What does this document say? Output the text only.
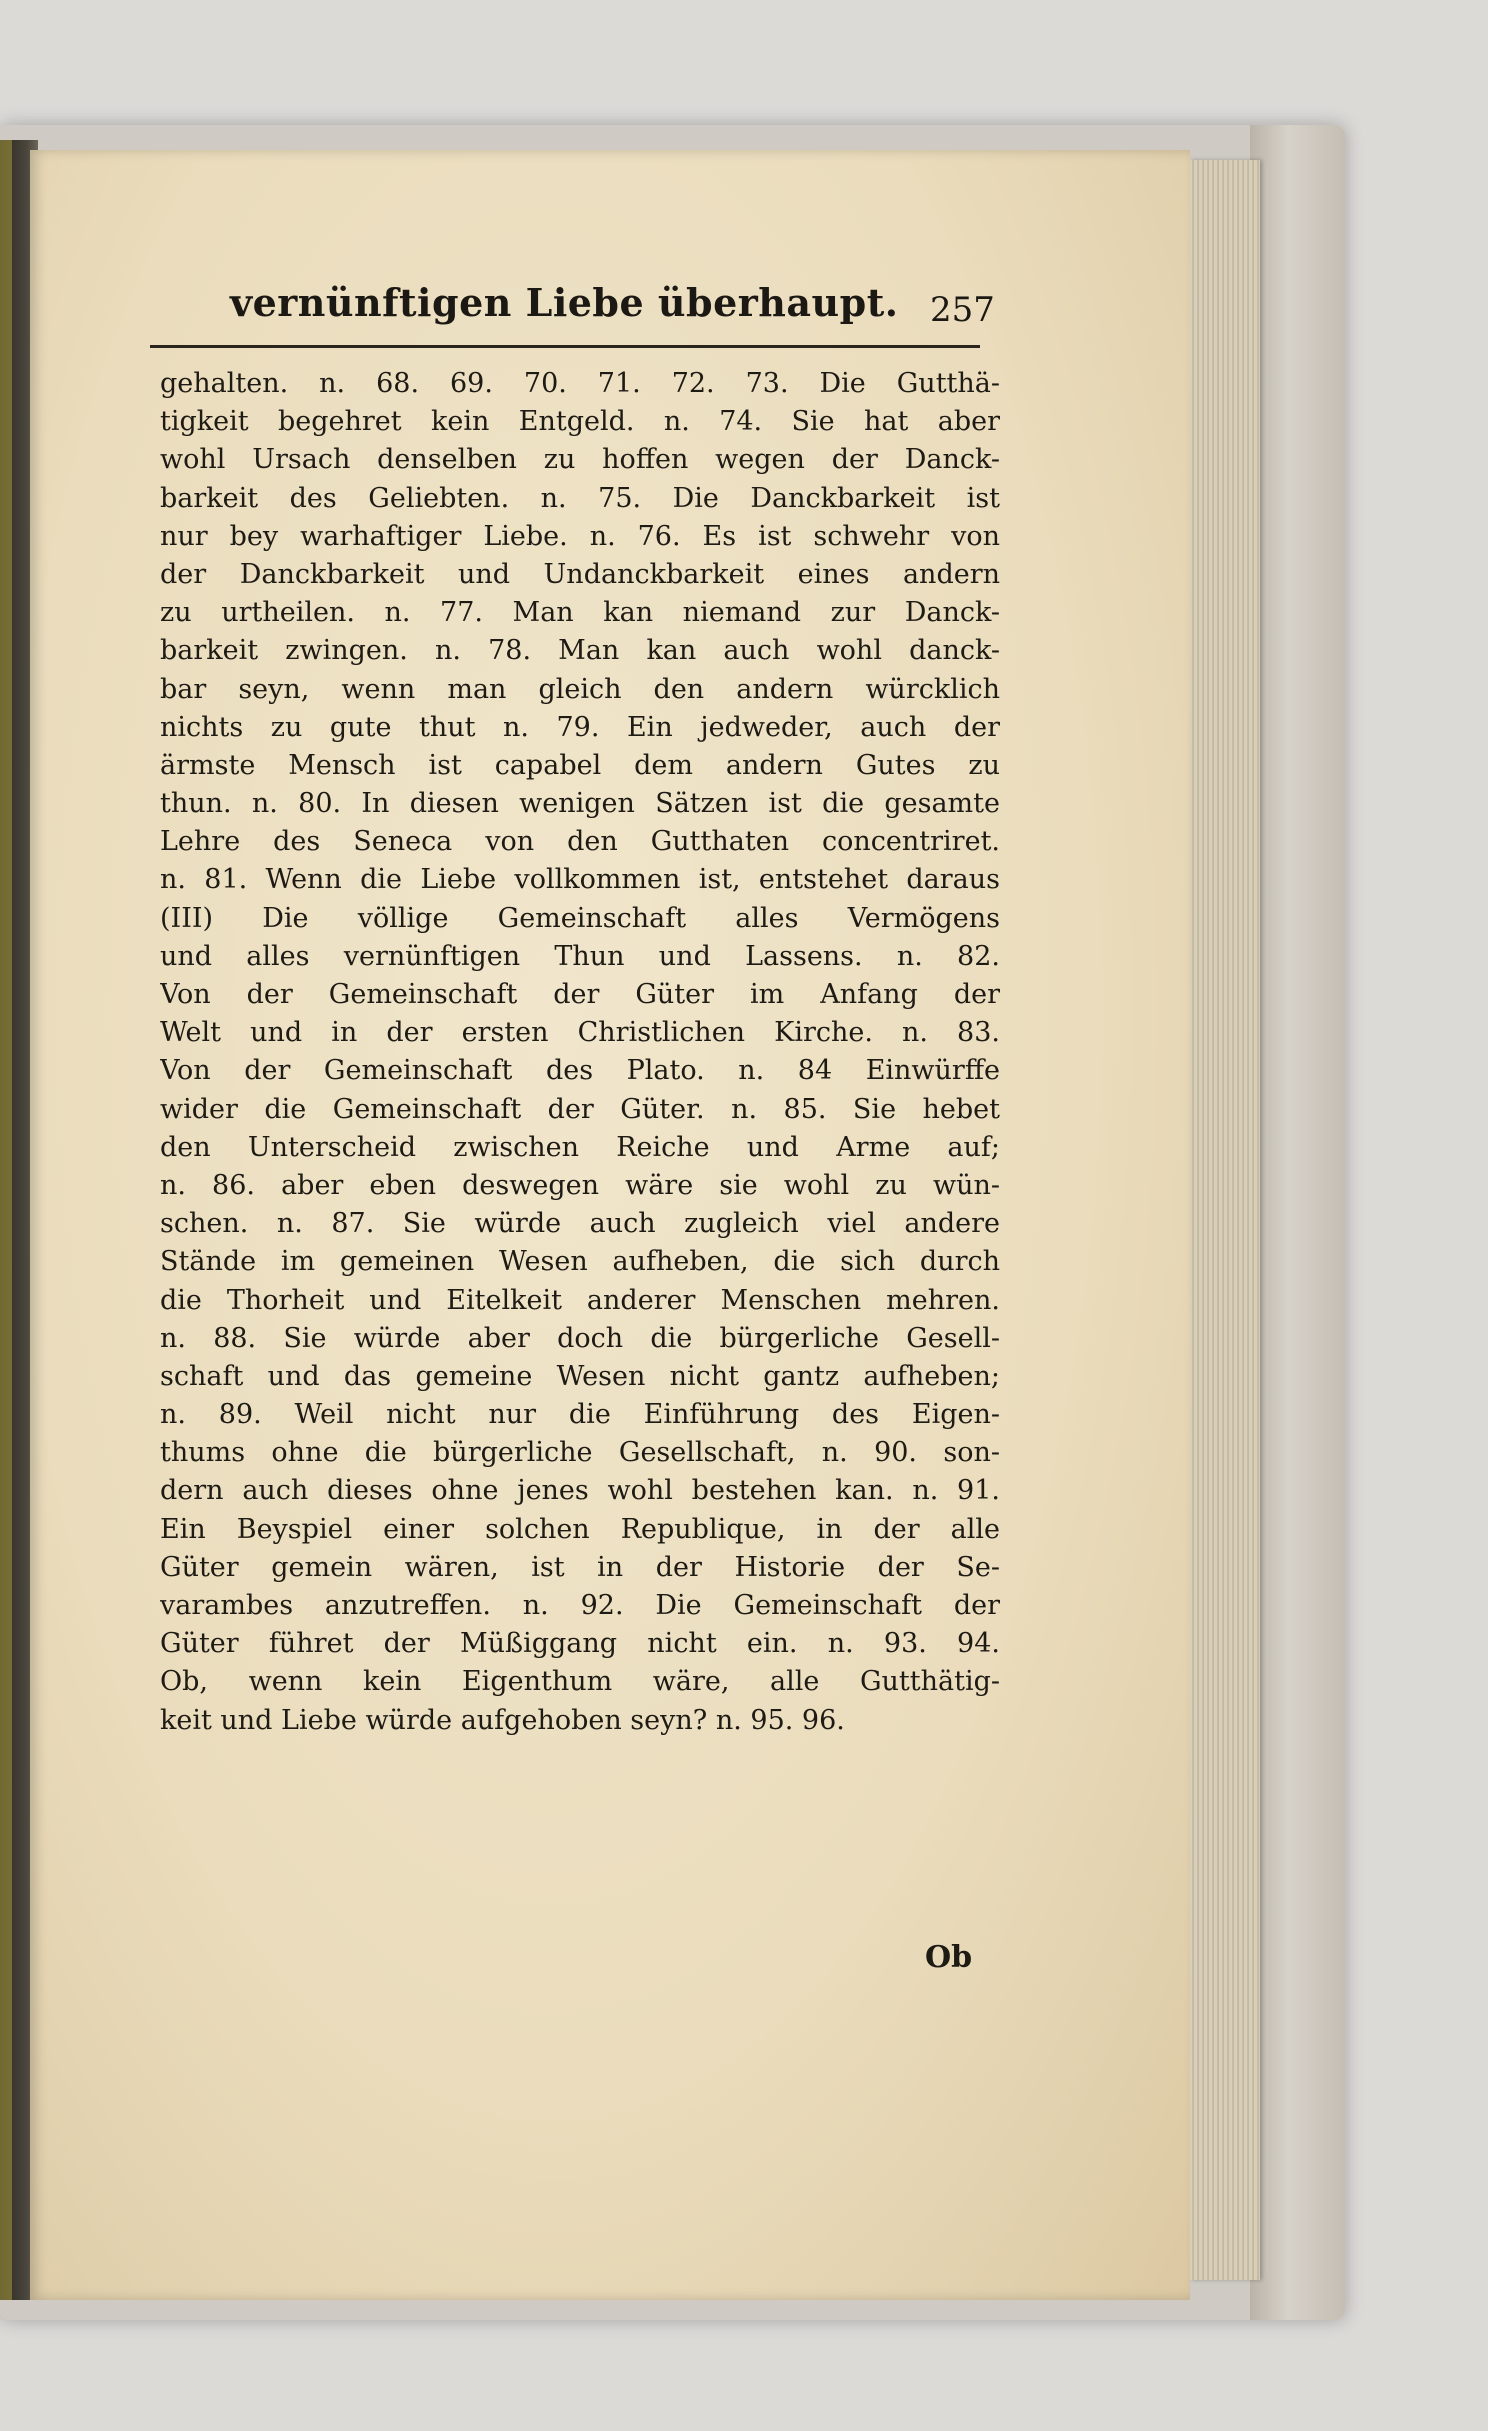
vernünftigen Liebe überhaupt. 257
gehalten. n. 68. 69. 70. 71. 72. 73. Die Gutthä-
tigkeit begehret kein Entgeld. n. 74. Sie hat aber
wohl Ursach denselben zu hoffen wegen der Danck-
barkeit des Geliebten. n. 75. Die Danckbarkeit ist
nur bey warhaftiger Liebe. n. 76. Es ist schwehr von
der Danckbarkeit und Undanckbarkeit eines andern
zu urtheilen. n. 77. Man kan niemand zur Danck-
barkeit zwingen. n. 78. Man kan auch wohl danck-
bar seyn, wenn man gleich den andern würcklich
nichts zu gute thut n. 79. Ein jedweder, auch der
ärmste Mensch ist capabel dem andern Gutes zu
thun. n. 80. In diesen wenigen Sätzen ist die gesamte
Lehre des Seneca von den Gutthaten concentriret.
n. 81. Wenn die Liebe vollkommen ist, entstehet daraus
(III) Die völlige Gemeinschaft alles Vermögens
und alles vernünftigen Thun und Lassens. n. 82.
Von der Gemeinschaft der Güter im Anfang der
Welt und in der ersten Christlichen Kirche. n. 83.
Von der Gemeinschaft des Plato. n. 84 Einwürffe
wider die Gemeinschaft der Güter. n. 85. Sie hebet
den Unterscheid zwischen Reiche und Arme auf;
n. 86. aber eben deswegen wäre sie wohl zu wün-
schen. n. 87. Sie würde auch zugleich viel andere
Stände im gemeinen Wesen aufheben, die sich durch
die Thorheit und Eitelkeit anderer Menschen mehren.
n. 88. Sie würde aber doch die bürgerliche Gesell-
schaft und das gemeine Wesen nicht gantz aufheben;
n. 89. Weil nicht nur die Einführung des Eigen-
thums ohne die bürgerliche Gesellschaft, n. 90. son-
dern auch dieses ohne jenes wohl bestehen kan. n. 91.
Ein Beyspiel einer solchen Republique, in der alle
Güter gemein wären, ist in der Historie der Se-
varambes anzutreffen. n. 92. Die Gemeinschaft der
Güter führet der Müßiggang nicht ein. n. 93. 94.
Ob, wenn kein Eigenthum wäre, alle Gutthätig-
keit und Liebe würde aufgehoben seyn? n. 95. 96.
Ob
